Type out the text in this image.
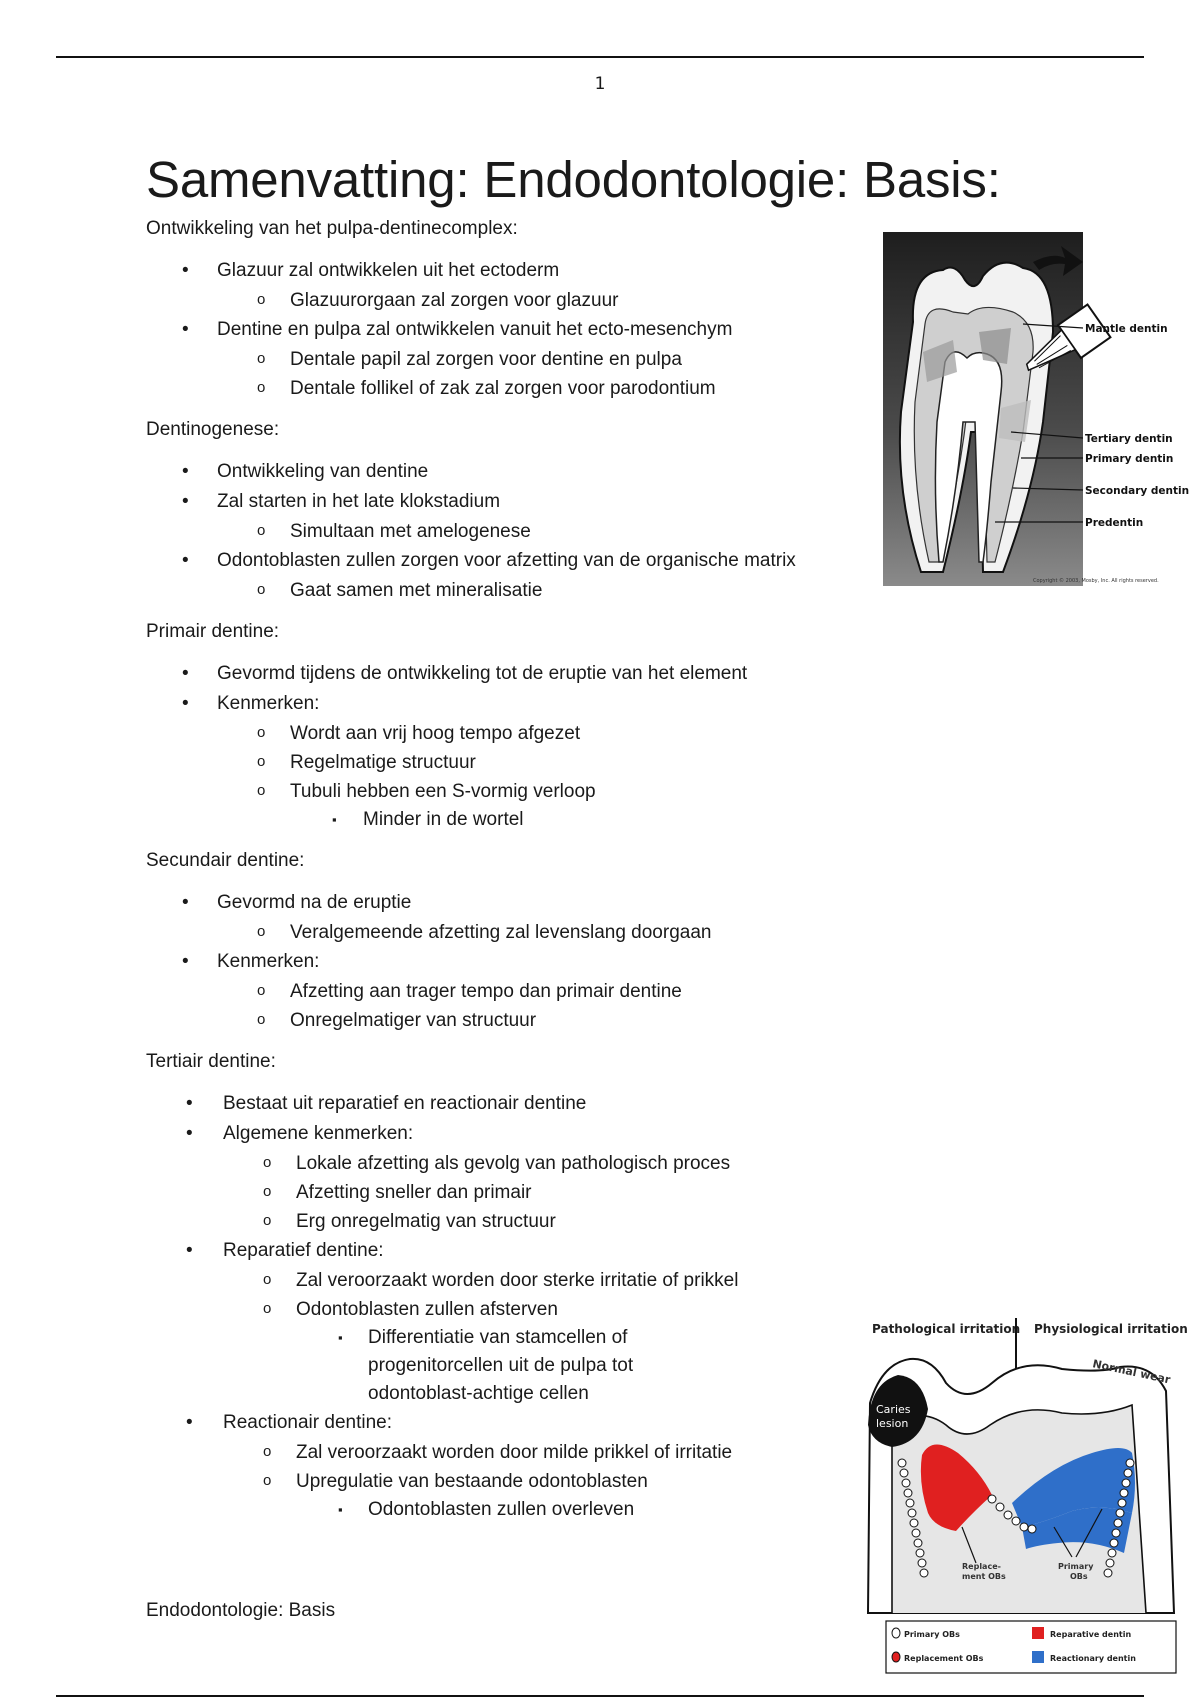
1
Samenvatting: Endodontologie: Basis:

Ontwikkeling van het pulpa-dentinecomplex:

• Glazuur zal ontwikkelen uit het ectoderm
o Glazuurorgaan zal zorgen voor glazuur
• Dentine en pulpa zal ontwikkelen vanuit het ecto-mesenchym
o Dentale papil zal zorgen voor dentine en pulpa
o Dentale follikel of zak zal zorgen voor parodontium

Dentinogenese:

• Ontwikkeling van dentine
• Zal starten in het late klokstadium
o Simultaan met amelogenese
• Odontoblasten zullen zorgen voor afzetting van de organische matrix
o Gaat samen met mineralisatie

Primair dentine:

• Gevormd tijdens de ontwikkeling tot de eruptie van het element
• Kenmerken:
o Wordt aan vrij hoog tempo afgezet
o Regelmatige structuur
o Tubuli hebben een S-vormig verloop
▪ Minder in de wortel

Secundair dentine:

• Gevormd na de eruptie
o Veralgemeende afzetting zal levenslang doorgaan
• Kenmerken:
o Afzetting aan trager tempo dan primair dentine
o Onregelmatiger van structuur

Tertiair dentine:

• Bestaat uit reparatief en reactionair dentine
• Algemene kenmerken:
o Lokale afzetting als gevolg van pathologisch proces
o Afzetting sneller dan primair
o Erg onregelmatig van structuur
• Reparatief dentine:
o Zal veroorzaakt worden door sterke irritatie of prikkel
o Odontoblasten zullen afsterven
▪ Differentiatie van stamcellen of progenitorcellen uit de pulpa tot odontoblast-achtige cellen
• Reactionair dentine:
o Zal veroorzaakt worden door milde prikkel of irritatie
o Upregulatie van bestaande odontoblasten
▪ Odontoblasten zullen overleven
Mantle dentin
Tertiary dentin
Primary dentin
Secondary dentin
Predentin
Copyright © 2003, Mosby, Inc. All rights reserved.
Pathological irritation Physiological irritation
Caries
lesion
Replace-
ment OBs
Primary
OBs
Normal wear
Primary OBs	Reparative dentin
Replacement OBs	Reactionary dentin
Endodontologie: Basis
